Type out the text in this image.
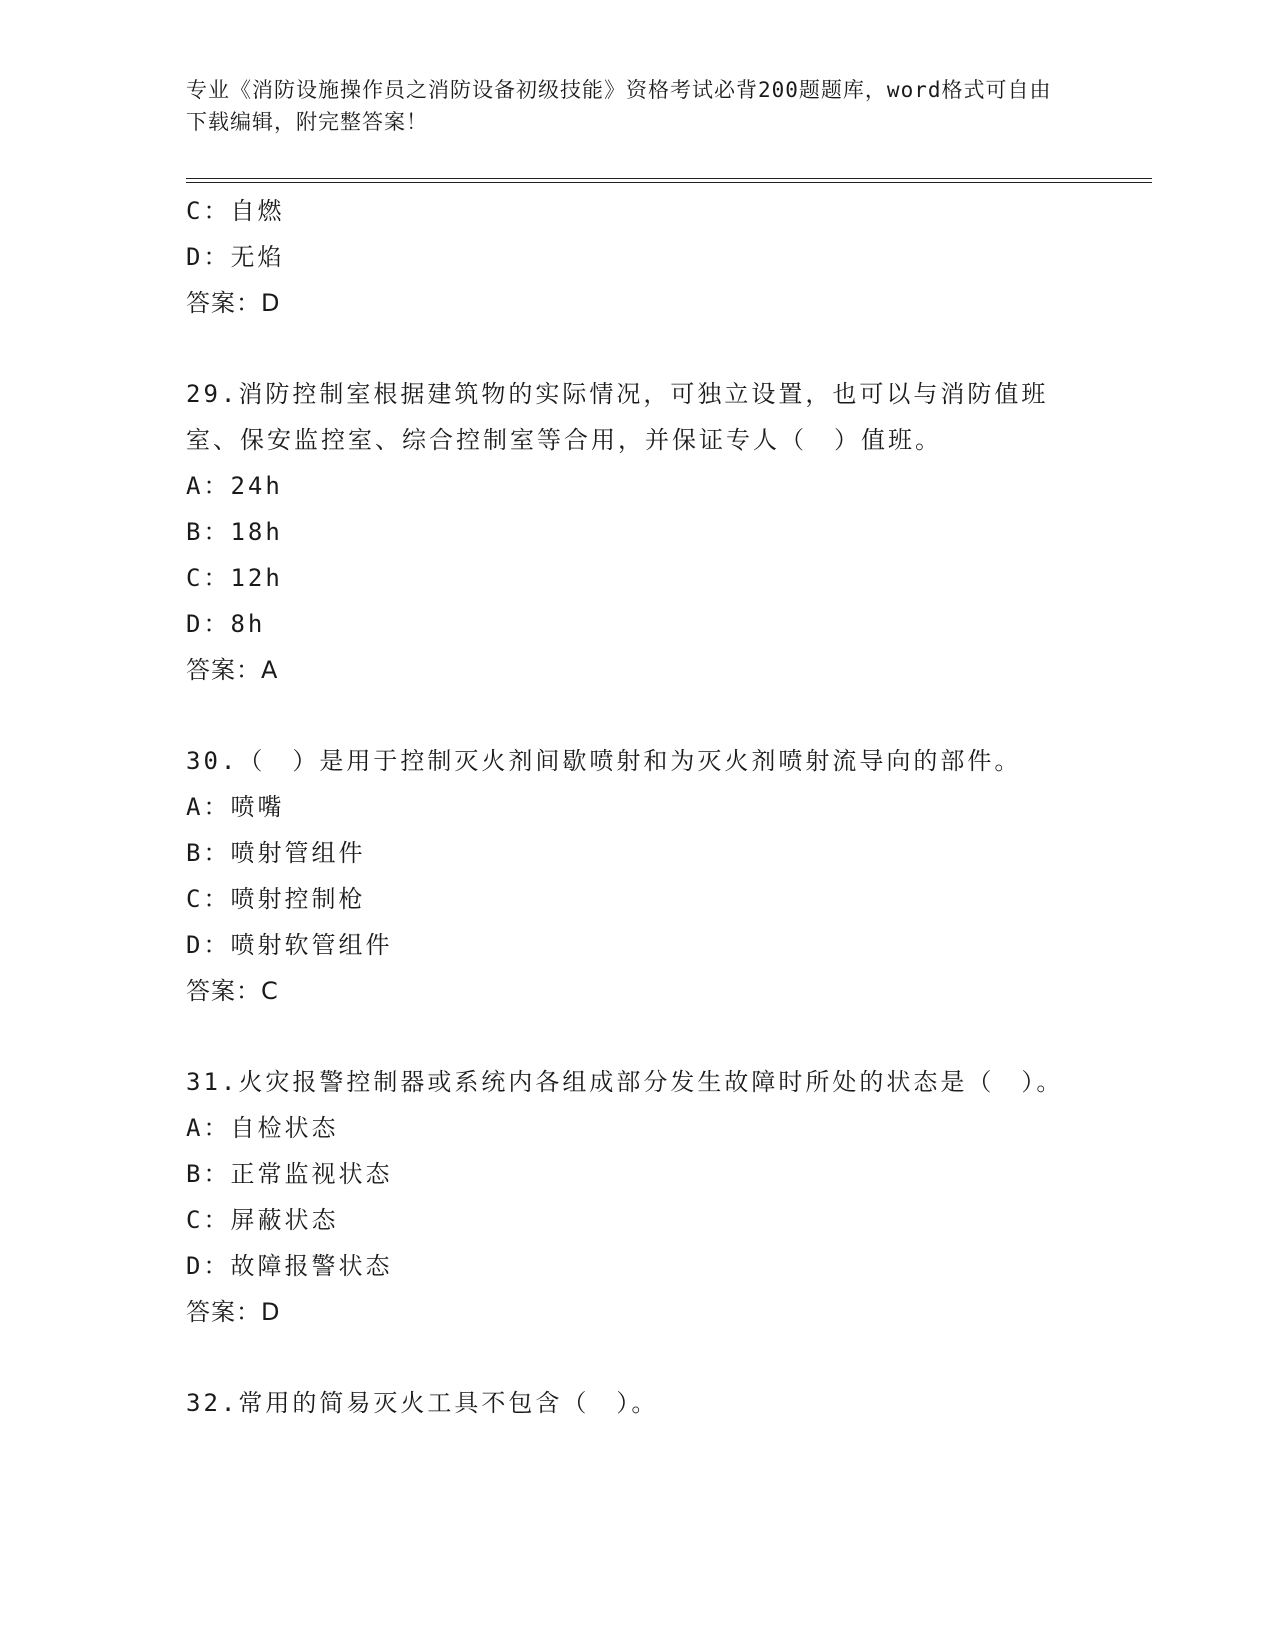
专业《消防设施操作员之消防设备初级技能》资格考试必背200题题库，word格式可自由下载编辑，附完整答案！
C：自燃
D：无焰
答案：D
29.消防控制室根据建筑物的实际情况，可独立设置，也可以与消防值班室、保安监控室、综合控制室等合用，并保证专人（　）值班。
A：24h
B：18h
C：12h
D：8h
答案：A
30.（　）是用于控制灭火剂间歇喷射和为灭火剂喷射流导向的部件。
A：喷嘴
B：喷射管组件
C：喷射控制枪
D：喷射软管组件
答案：C
31.火灾报警控制器或系统内各组成部分发生故障时所处的状态是（　）。
A：自检状态
B：正常监视状态
C：屏蔽状态
D：故障报警状态
答案：D
32.常用的简易灭火工具不包含（　）。
